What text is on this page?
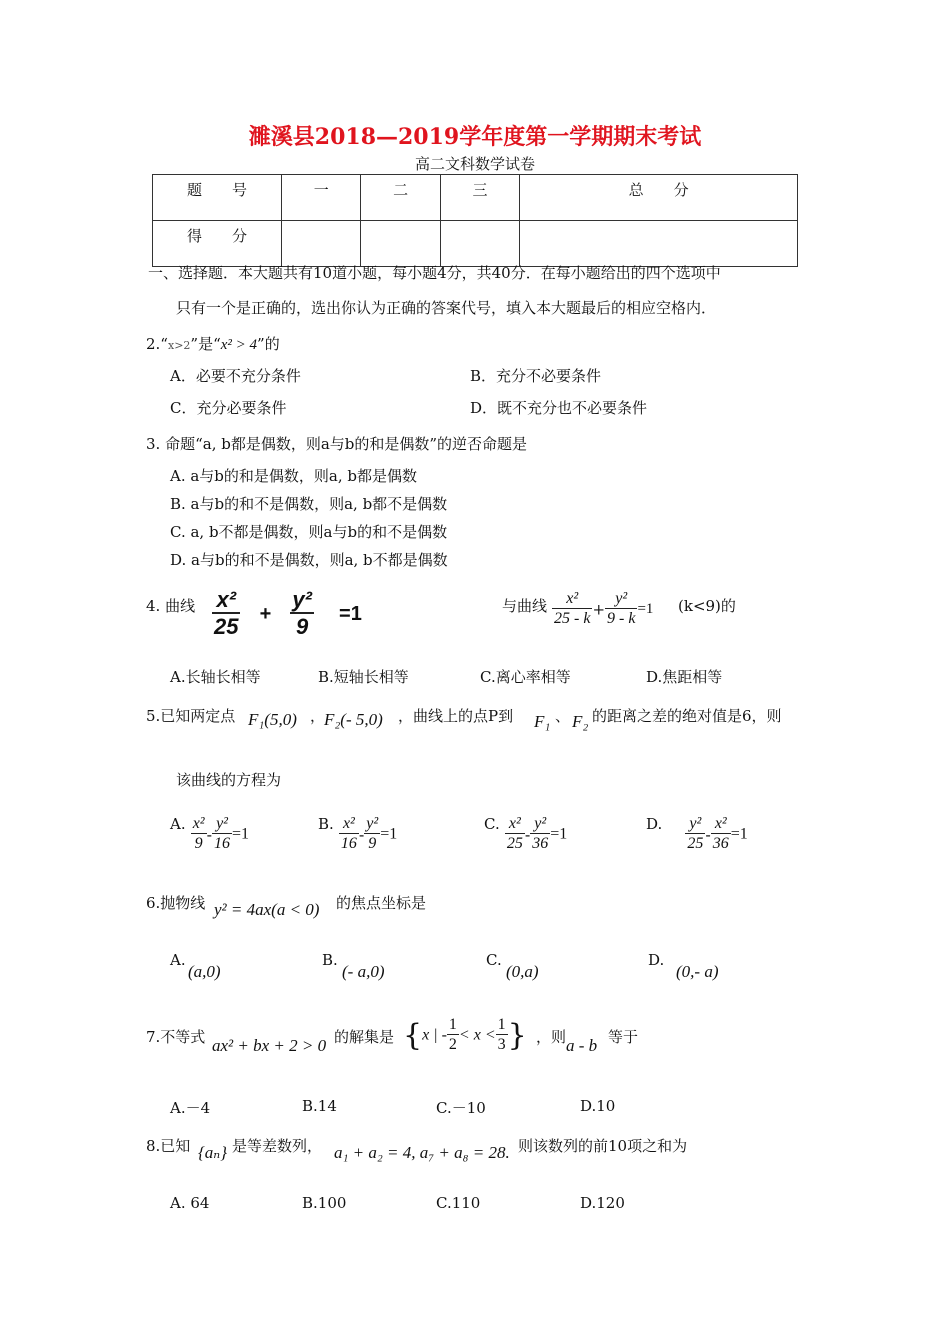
濉溪县2018—2019学年度第一学期期末考试
高二文科数学试卷
题　　号	一	二	三	总　　分
得　　分				
一、选择题．本大题共有10道小题，每小题4分，共40分．在每小题给出的四个选项中
只有一个是正确的，选出你认为正确的答案代号，填入本大题最后的相应空格内．
2.“x>2”是“x² > 4”的
A．必要不充分条件	B．充分不必要条件
C．充分必要条件	D．既不充分也不必要条件
3. 命题“a, b都是偶数，则a与b的和是偶数”的逆否命题是
A. a与b的和是偶数，则a, b都是偶数
B. a与b的和不是偶数，则a, b都不是偶数
C. a, b不都是偶数，则a与b的和不是偶数
D. a与b的和不是偶数，则a, b不都是偶数
4. 曲线 $\frac{\text{x²}}{25} + \frac{\text{y²}}{9} =1$	与曲线 $\frac{\text{x²}}{25 - k} + \frac{\text{y²}}{9 - k} =1$ (k<9)的
A.长轴长相等	B.短轴长相等	C.离心率相等	D.焦距相等
5.已知两定点 F₁(5,0) ，
F₂(- 5,0) ，曲线上的点P到 F₁ 、 F₂ 的距离之差的绝对值是6，则
该曲线的方程为
A. $\frac{\text{x²}}{9} - \frac{\text{y²}}{16} =1$
B. $\frac{\text{x²}}{16} - \frac{\text{y²}}{9} =1$
C. $\frac{\text{x²}}{25} - \frac{\text{y²}}{36} =1$
D. $\frac{\text{y²}}{25} - \frac{\text{x²}}{36} =1$
6.抛物线 y² = 4ax(a < 0) 的焦点坐标是
A.
(a,0)
B.
(- a,0)
C.
(0,a)
D.
(0,- a)
7.不等式 ax² + bx + 2 > 0 的解集是 {x | - $\frac{1}{2} < x < \frac{1}{3}$ } ，则 a - b 等于
A.－4	B.14	C.－10	D.10
8.已知 {aₙ} 是等差数列， a₁ + a₂ = 4, a₇ + a₈ = 28. 则该数列的前10项之和为
A. 64	B.100	C.110	D.120
